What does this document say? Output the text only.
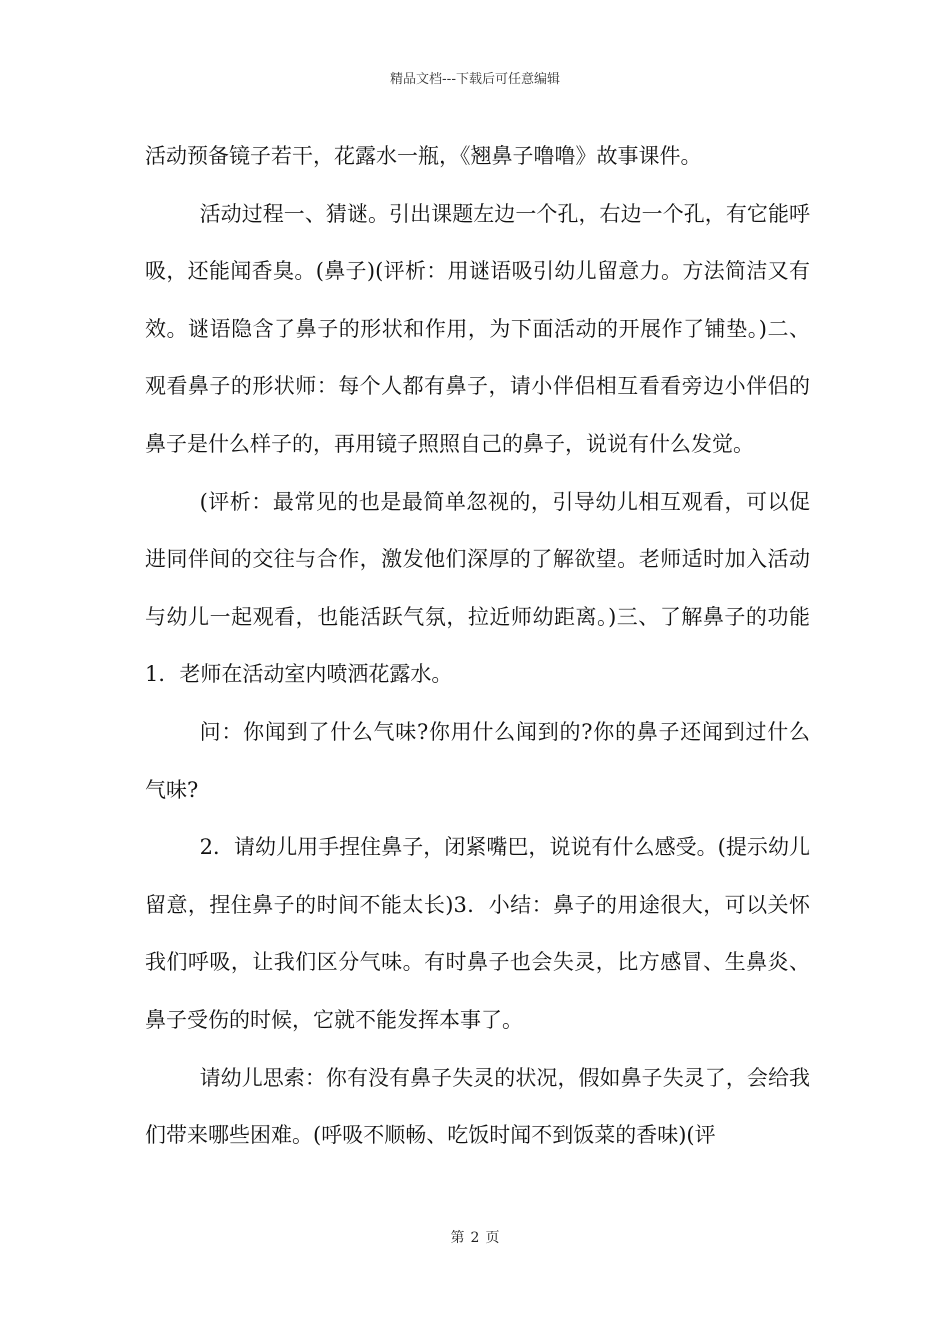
精品文档---下载后可任意编辑

活动预备镜子若干，花露水一瓶，《翘鼻子噜噜》故事课件。

活动过程一、猜谜。引出课题左边一个孔，右边一个孔，有它能呼吸，还能闻香臭。(鼻子)(评析：用谜语吸引幼儿留意力。方法简洁又有效。谜语隐含了鼻子的形状和作用，为下面活动的开展作了铺垫。)二、观看鼻子的形状师：每个人都有鼻子，请小伴侣相互看看旁边小伴侣的鼻子是什么样子的，再用镜子照照自己的鼻子，说说有什么发觉。

(评析：最常见的也是最简单忽视的，引导幼儿相互观看，可以促进同伴间的交往与合作，激发他们深厚的了解欲望。老师适时加入活动与幼儿一起观看，也能活跃气氛，拉近师幼距离。)三、了解鼻子的功能 1．老师在活动室内喷洒花露水。

问：你闻到了什么气味?你用什么闻到的?你的鼻子还闻到过什么气味?

2．请幼儿用手捏住鼻子，闭紧嘴巴，说说有什么感受。(提示幼儿留意，捏住鼻子的时间不能太长)3．小结：鼻子的用途很大，可以关怀我们呼吸，让我们区分气味。有时鼻子也会失灵，比方感冒、生鼻炎、鼻子受伤的时候，它就不能发挥本事了。

请幼儿思索：你有没有鼻子失灵的状况，假如鼻子失灵了，会给我们带来哪些困难。(呼吸不顺畅、吃饭时闻不到饭菜的香味)(评

第 2 页
